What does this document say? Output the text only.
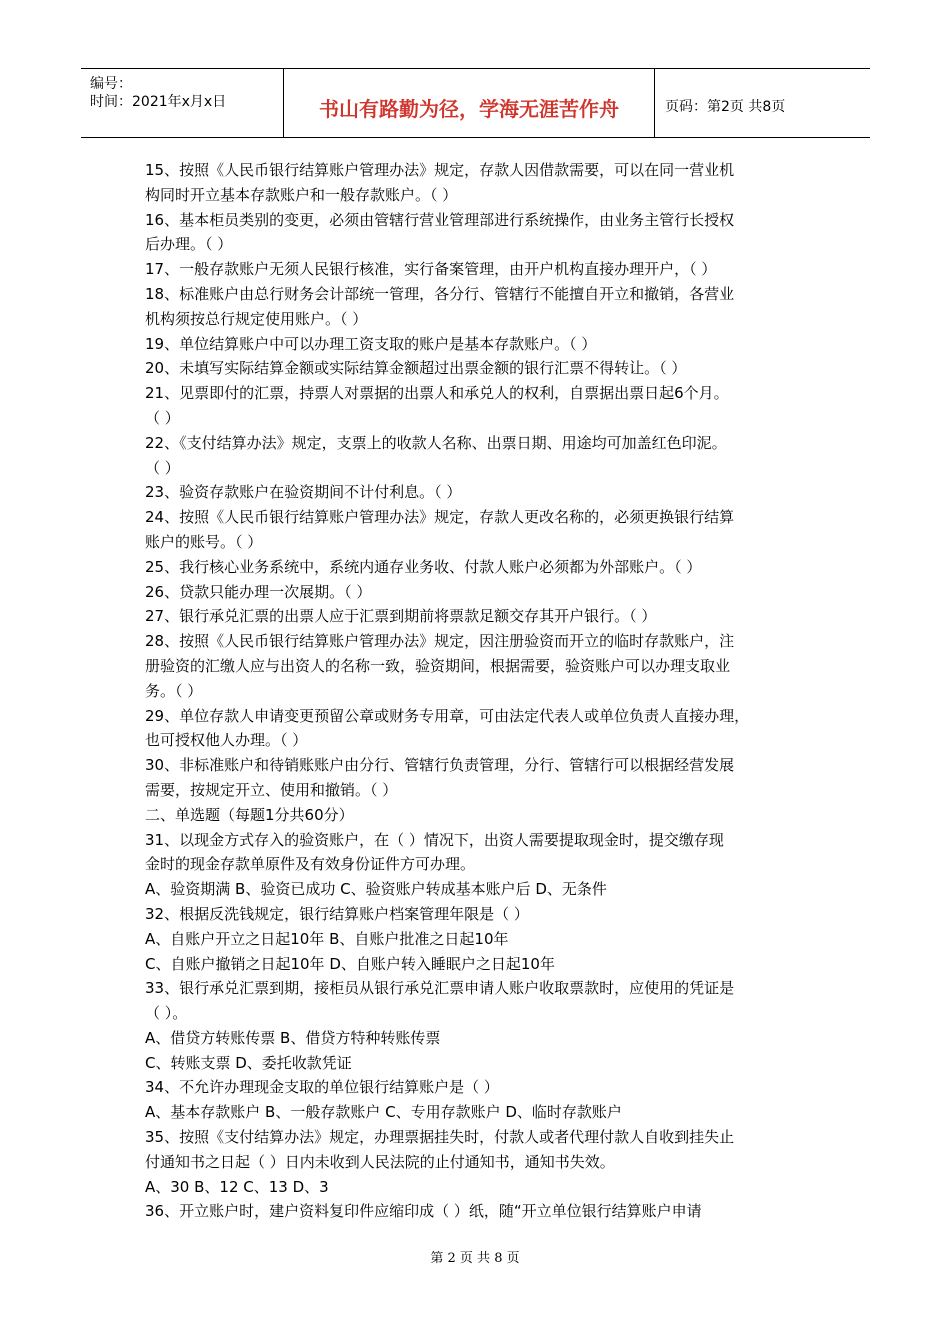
编号：
时间：2021年x月x日	书山有路勤为径，学海无涯苦作舟	页码：第2页 共8页
15、按照《人民币银行结算账户管理办法》规定，存款人因借款需要，可以在同一营业机
构同时开立基本存款账户和一般存款账户。（ ）
16、基本柜员类别的变更，必须由管辖行营业管理部进行系统操作，由业务主管行长授权
后办理。（ ）
17、一般存款账户无须人民银行核准，实行备案管理，由开户机构直接办理开户，（ ）
18、标准账户由总行财务会计部统一管理，各分行、管辖行不能擅自开立和撤销，各营业
机构须按总行规定使用账户。（ ）
19、单位结算账户中可以办理工资支取的账户是基本存款账户。（ ）
20、未填写实际结算金额或实际结算金额超过出票金额的银行汇票不得转让。（ ）
21、见票即付的汇票，持票人对票据的出票人和承兑人的权利，自票据出票日起6个月。
（ ）
22、《支付结算办法》规定，支票上的收款人名称、出票日期、用途均可加盖红色印泥。
（ ）
23、验资存款账户在验资期间不计付利息。（ ）
24、按照《人民币银行结算账户管理办法》规定，存款人更改名称的，必须更换银行结算
账户的账号。（ ）
25、我行核心业务系统中，系统内通存业务收、付款人账户必须都为外部账户。（ ）
26、贷款只能办理一次展期。（ ）
27、银行承兑汇票的出票人应于汇票到期前将票款足额交存其开户银行。（ ）
28、按照《人民币银行结算账户管理办法》规定，因注册验资而开立的临时存款账户，注
册验资的汇缴人应与出资人的名称一致，验资期间，根据需要，验资账户可以办理支取业
务。（ ）
29、单位存款人申请变更预留公章或财务专用章，可由法定代表人或单位负责人直接办理，
也可授权他人办理。（ ）
30、非标准账户和待销账账户由分行、管辖行负责管理，分行、管辖行可以根据经营发展
需要，按规定开立、使用和撤销。（ ）
二、单选题（每题1分共60分）
31、以现金方式存入的验资账户，在（ ）情况下，出资人需要提取现金时，提交缴存现
金时的现金存款单原件及有效身份证件方可办理。
A、验资期满 B、验资已成功 C、验资账户转成基本账户后 D、无条件
32、根据反洗钱规定，银行结算账户档案管理年限是（ ）
A、自账户开立之日起10年 B、自账户批准之日起10年
C、自账户撤销之日起10年 D、自账户转入睡眠户之日起10年
33、银行承兑汇票到期，接柜员从银行承兑汇票申请人账户收取票款时，应使用的凭证是
（ ）。
A、借贷方转账传票 B、借贷方特种转账传票
C、转账支票 D、委托收款凭证
34、不允许办理现金支取的单位银行结算账户是（ ）
A、基本存款账户 B、一般存款账户 C、专用存款账户 D、临时存款账户
35、按照《支付结算办法》规定，办理票据挂失时，付款人或者代理付款人自收到挂失止
付通知书之日起（ ）日内未收到人民法院的止付通知书，通知书失效。
A、30 B、12 C、13 D、3
36、开立账户时，建户资料复印件应缩印成（ ）纸，随“开立单位银行结算账户申请
第 2 页 共 8 页
